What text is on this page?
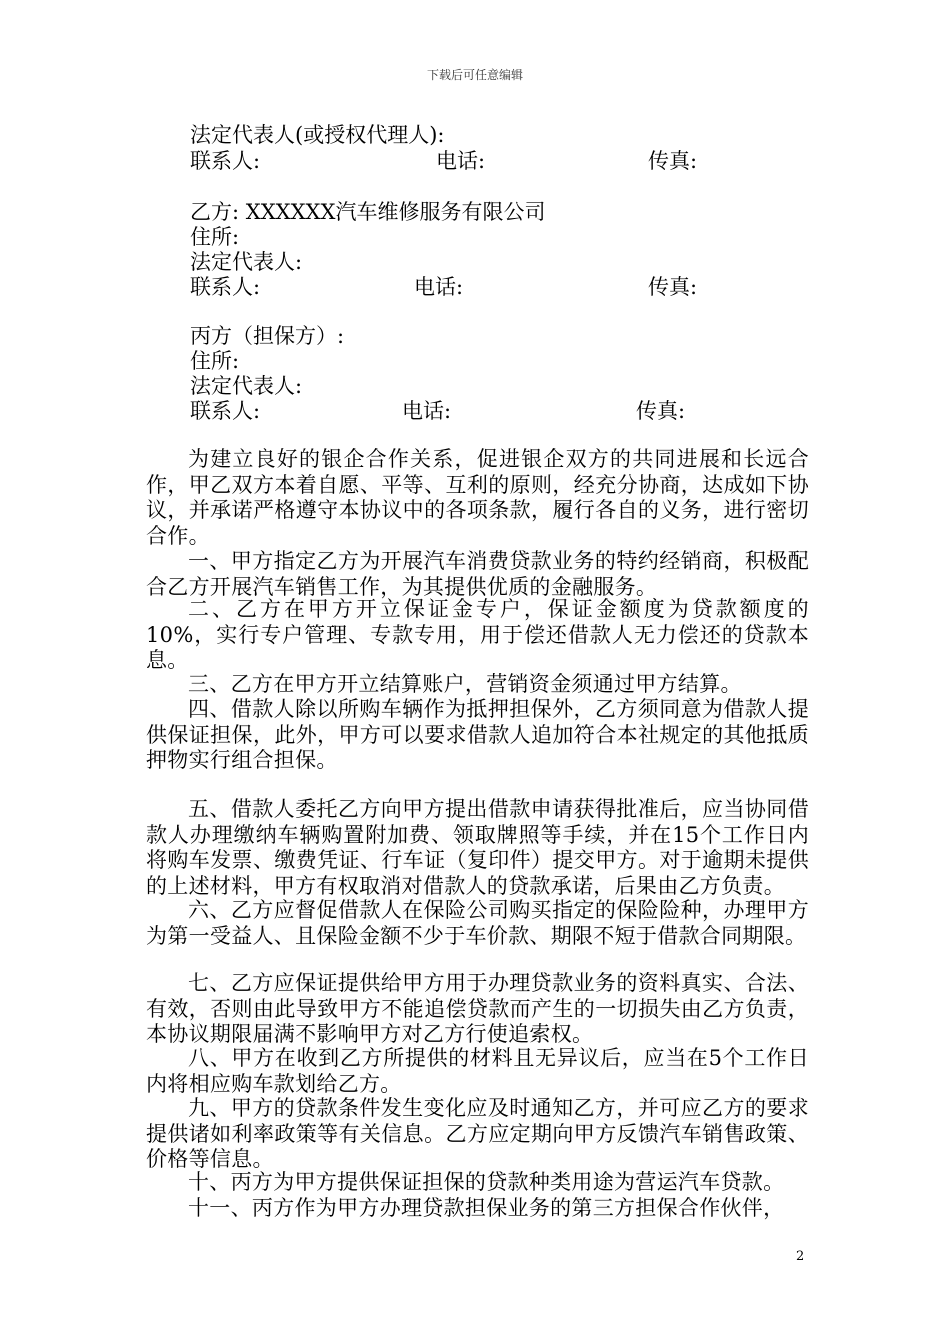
下载后可任意编辑
法定代表人(或授权代理人):
联系人:	电话:	传真:
乙方: XXXXXX汽车维修服务有限公司
住所:
法定代表人:
联系人:	电话:	传真:
丙方（担保方）:
住所:
法定代表人:
联系人:	电话:	传真:

为建立良好的银企合作关系，促进银企双方的共同进展和长远合作，甲乙双方本着自愿、平等、互利的原则，经充分协商，达成如下协议，并承诺严格遵守本协议中的各项条款，履行各自的义务，进行密切合作。

一、甲方指定乙方为开展汽车消费贷款业务的特约经销商，积极配合乙方开展汽车销售工作，为其提供优质的金融服务。

二、乙方在甲方开立保证金专户，保证金额度为贷款额度的10%，实行专户管理、专款专用，用于偿还借款人无力偿还的贷款本息。

三、乙方在甲方开立结算账户，营销资金须通过甲方结算。

四、借款人除以所购车辆作为抵押担保外，乙方须同意为借款人提供保证担保，此外，甲方可以要求借款人追加符合本社规定的其他抵质押物实行组合担保。

五、借款人委托乙方向甲方提出借款申请获得批准后，应当协同借款人办理缴纳车辆购置附加费、领取牌照等手续，并在15个工作日内将购车发票、缴费凭证、行车证（复印件）提交甲方。对于逾期未提供的上述材料，甲方有权取消对借款人的贷款承诺，后果由乙方负责。

六、乙方应督促借款人在保险公司购买指定的保险险种，办理甲方为第一受益人、且保险金额不少于车价款、期限不短于借款合同期限。

七、乙方应保证提供给甲方用于办理贷款业务的资料真实、合法、有效，否则由此导致甲方不能追偿贷款而产生的一切损失由乙方负责，本协议期限届满不影响甲方对乙方行使追索权。

八、甲方在收到乙方所提供的材料且无异议后，应当在5个工作日内将相应购车款划给乙方。

九、甲方的贷款条件发生变化应及时通知乙方，并可应乙方的要求提供诸如利率政策等有关信息。乙方应定期向甲方反馈汽车销售政策、价格等信息。

十、丙方为甲方提供保证担保的贷款种类用途为营运汽车贷款。

十一、丙方作为甲方办理贷款担保业务的第三方担保合作伙伴，

2
